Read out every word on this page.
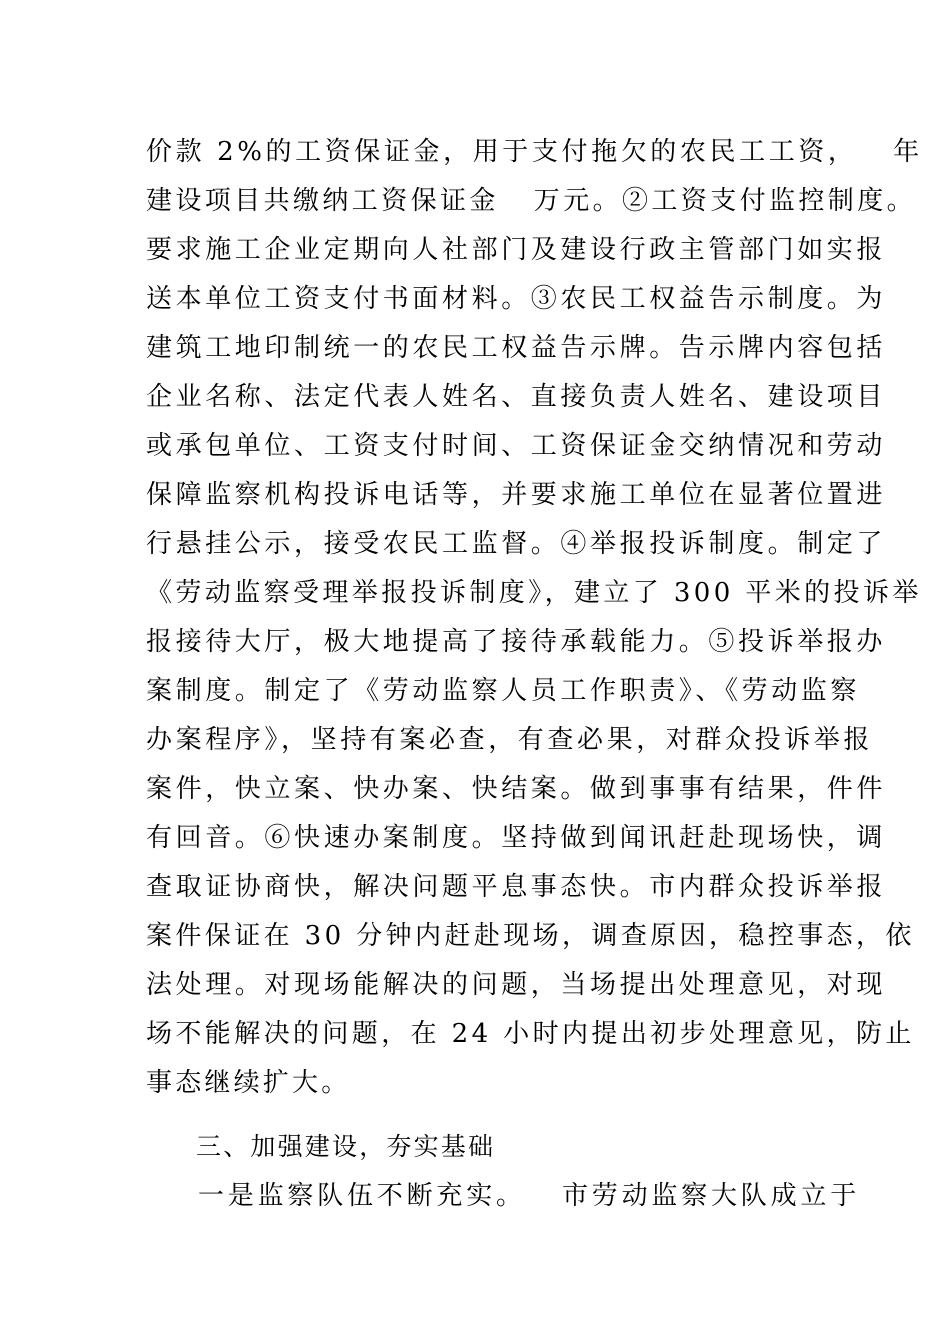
价款 2%的工资保证金，用于支付拖欠的农民工工资，   年
建设项目共缴纳工资保证金   万元。②工资支付监控制度。
要求施工企业定期向人社部门及建设行政主管部门如实报
送本单位工资支付书面材料。③农民工权益告示制度。为
建筑工地印制统一的农民工权益告示牌。告示牌内容包括
企业名称、法定代表人姓名、直接负责人姓名、建设项目
或承包单位、工资支付时间、工资保证金交纳情况和劳动
保障监察机构投诉电话等，并要求施工单位在显著位置进
行悬挂公示，接受农民工监督。④举报投诉制度。制定了
《劳动监察受理举报投诉制度》，建立了 300 平米的投诉举
报接待大厅，极大地提高了接待承载能力。⑤投诉举报办
案制度。制定了《劳动监察人员工作职责》、《劳动监察
办案程序》，坚持有案必查，有查必果，对群众投诉举报
案件，快立案、快办案、快结案。做到事事有结果，件件
有回音。⑥快速办案制度。坚持做到闻讯赶赴现场快，调
查取证协商快，解决问题平息事态快。市内群众投诉举报
案件保证在 30 分钟内赶赴现场，调查原因，稳控事态，依
法处理。对现场能解决的问题，当场提出处理意见，对现
场不能解决的问题，在 24 小时内提出初步处理意见，防止
事态继续扩大。
三、加强建设，夯实基础
一是监察队伍不断充实。   市劳动监察大队成立于
